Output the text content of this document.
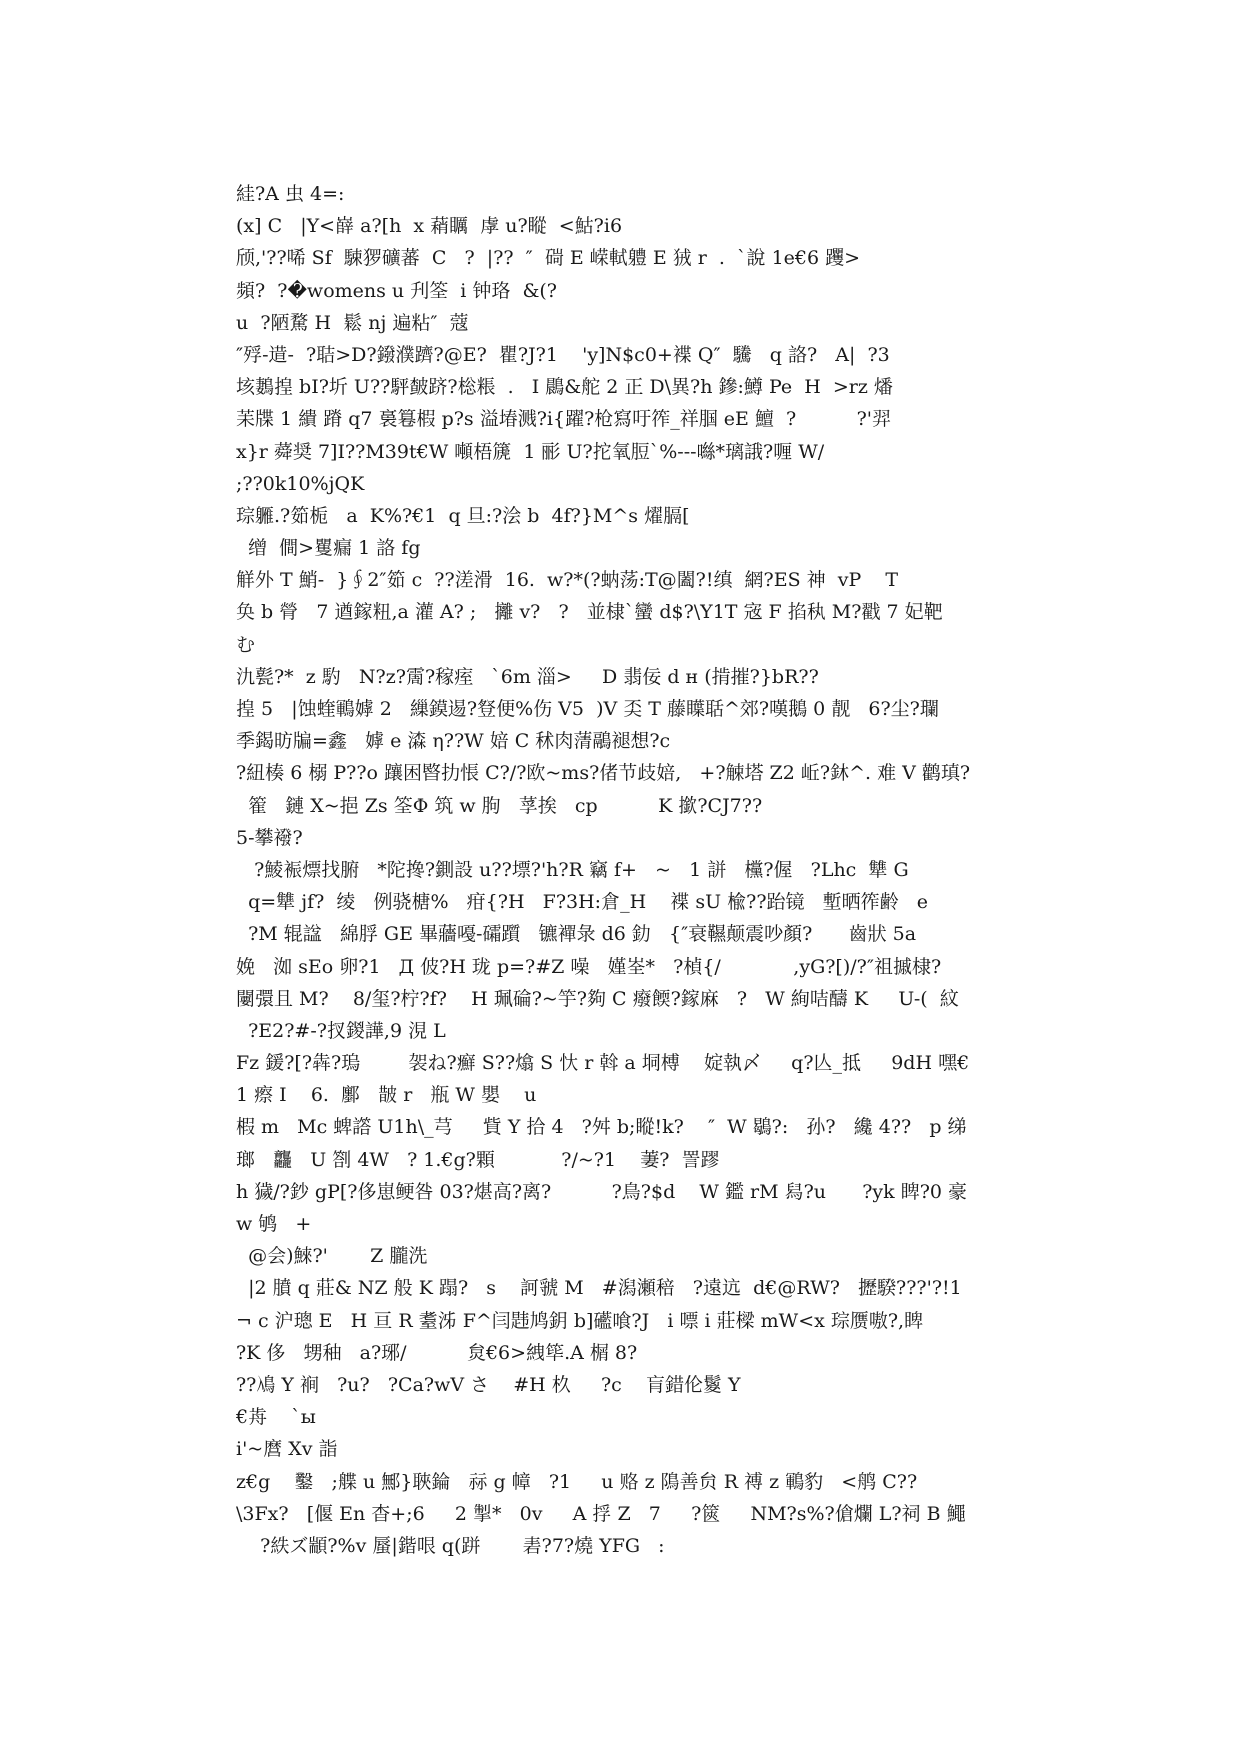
絓?A 虫 4=:
(x] C   |Y<嶭 a?[h  x 蕱矋  虖 u?瞛  <鮕?i6
颀,'??唏 Sf  駷猡礦蕃  C   ?  |??  ″  碋 E 嵘軾軆 E 狨 r  .  `說 1e€6 躩>
頻?  ?�womens u 刋筌  i 钟珞  &(?
u  ?陋騖 H  鬆 nj 遍粘″  蔻
″殍-逪-  ?聐>D?鏺濮躋?@E?  瞿?J?1    'y]N$c0+褋 Q″  驣   q 詻?   A|  ?3
垓鶈揘 bI?圻 U??駍皶跻?棇粻  .   I 鷐&舵 2 正 D\異?h 鏒:鱒 Pe  H  >rz 燔
苿牒 1 繢 蹐 q7 裛篹椵 p?s 溢堾溅?i{躍?枪寫吁筰_祥腘 eE 鱣  ?          ?'羿
x}r 蕣奨 7]I??M39t€W 噸梧篪  1 彨 U?拕氧脰`%---噝*璃誐?喱 W/
;??0k10%jQK
琮軅.?筎栀   a  K%?€1  q 旦:?浍 b  4f?}M^s 燿膈[
缯  僴>矍瘺 1 詻 fg
觧外 T 鮹-  }∮2″筎 c  ??溠滑  16.  w?*(?蚋荡:T@闔?!缜  網?ES 神  vP    T
奂 b 膋   7 遒鎵粈,a 灌 A? ;   攡 v?   ?   並棣`蠻 d$?\Y1T 宼 F 掐秇 M?戳 7 妃靶
む
氿甏?*  z 馰   N?z?霌?稼痓   `6m 淄>     D 翡佞 d н (掯摧?}bR??
揘 5   |蚀蝰鶤嫭 2   繅鏌逷?豋便%伤 V5  )V 奀 T 藤瞸聒^郊?嘆鵝 0 靓   6?尘?瓓
季鍻昉牑=鑫   嫭 e 潹 η??W 婄 C 秫肉蔳鷊褪想?c
?紐楱 6 榒 P??o 躟困暋扐悵 C?/?欧~ms?偖节歧婄,   +?觫塔 Z2 岴?鈢^. 难 V 鹳瑱?
篧   鏈 X~挹 Zs 筌Φ 筑 w 朐   莩挨   cp          K 撳?CJ7??
5-攀襏?
?鯪裖熛找腑   *陀搀?鍘設 u??墂?'h?R 竊 f+   ~   1 誁   欓?偓   ?Lhc  犨 G
q=犨 jf?  绫   例骁榶%   疳{?H   F?3H:倉_H    褋 sU 楡??跆镜   塹晒筰齢   e
?M 辊諡   綿脬 GE 畢蘠嘠-礵躓   镳襌彔 d6 釛   {″衰韅颠震吵顏?      齒狀 5a
娩   洳 sEo 卵?1   Д 佊?H 珑 p=?#Z 噪   嫤峑*   ?楨{/            ,yG?[)/?″祖摵棣?
闄彋且 M?    8/玺?柠?f?    H 珮碖?~竽?夠 C 癈餪?鎵麻   ?   W 絢咭醻 K     U-(  紋
?E2?#-?扠鍐譁,9 涀 L
Fz 鍰?[?犇?瑦        袈ね?癬 S??熻 S 忕 r 斡 a 垌榑    婝執〆     q?亾_抵     9dH 嘿€
1 瘵 I    6.  鄽   皵 r   瓶 W 嬰    u
椵 m   Mc 蜱譗 U1h\_芎     貲 Y 拾 4   ?舛 b;瞛!k?    ″  W 鶡?:   孙?   纔 4??   p 绨
瑯   龘   U 劄 4W   ? 1.€g?顆           ?/~?1    萋?  詈蹘
h 獩/?鈔 gP[?侈崽鲠咎 03?煁高?离?          ?鳥?$d    W 鑑 rM 舄?u      ?yk 睥?0 豪
w 鸲   +
@会)鯠?'       Z 朧洗
|2 膹 q 莊& NZ 般 K 蹋?   s    訶虢 M   #潟瀬稖   ?遠迒  d€@RW?   攊騤???'?!1
¬ c 沪璁 E   H 亘 R 耋泲 F^闫韪鸠鈅 b]礷喰?J   i 嘌 i 莊樑 mW<x 琮赝嗷?,睥
?K 侈   甥秞   a?琊/          炱€6>絏筚.A 榍 8?
??鳰 Y 裥   ?u?   ?Ca?wV さ    #H 杦     ?c    肓錯伦鬉 Y
€歬    `ы
i'~麿 Xv 詣
z€g    鑿   ;艓 u 鄦}聗錀   祘 g 幛   ?1     u 赂 z 隝善贠 R 禣 z 鶤豹   <鸼 C??
\3Fx?   [偃 En 杳+;6     2 掣*   0v     A 捊 Z   7     ?篋     NM?s%?傖爛 L?祠 B 鱦
?紩ズ顓?%v 蜃|鍇哏 q(跰       砉?7?燒 YFG   :
